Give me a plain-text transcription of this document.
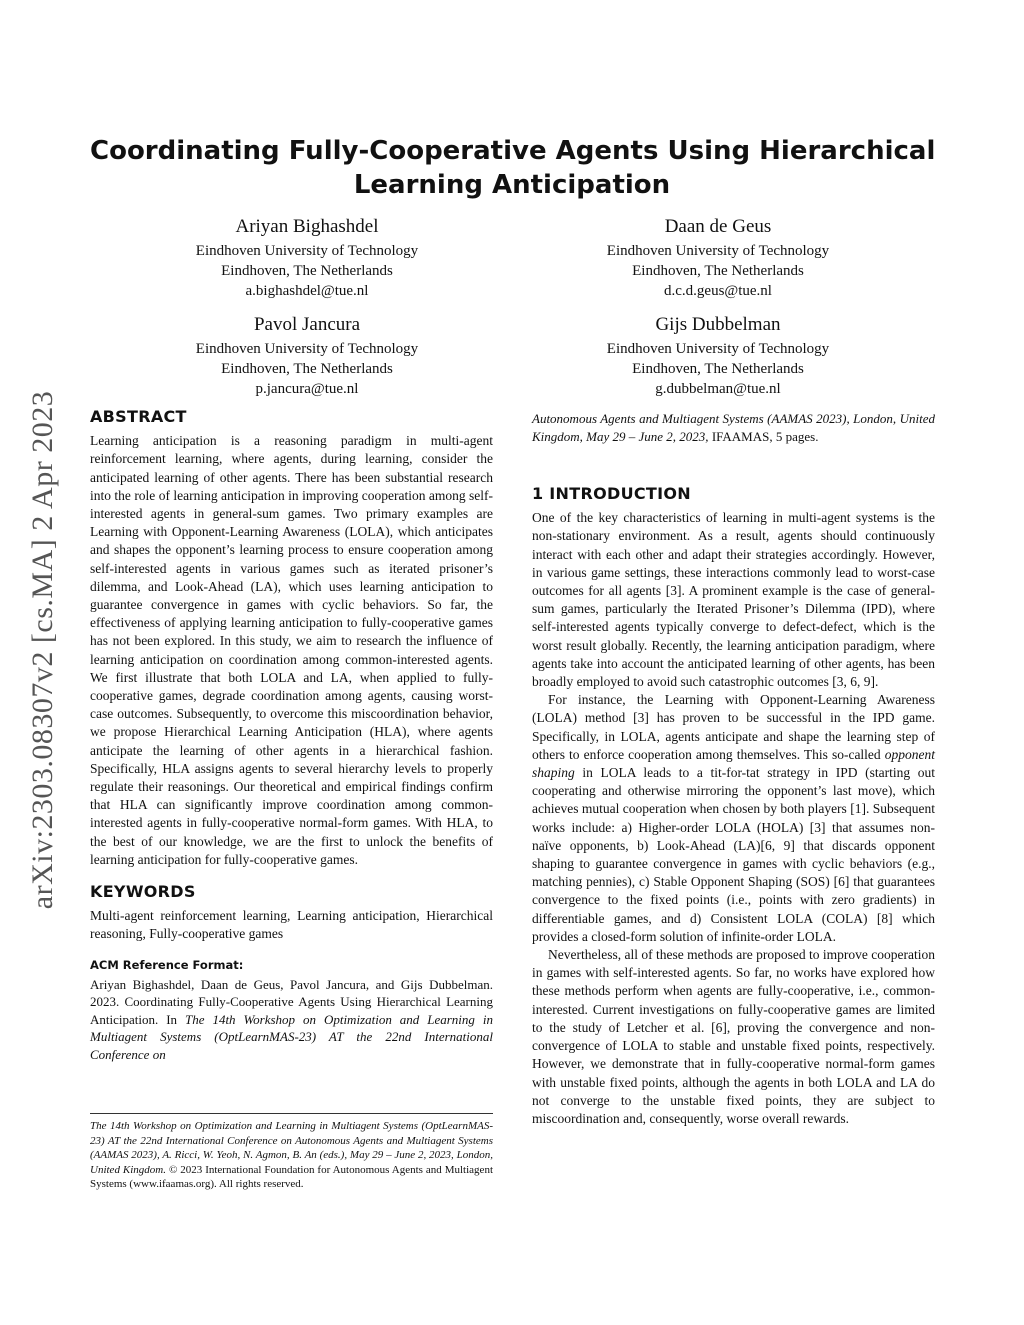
arXiv:2303.08307v2 [cs.MA] 2 Apr 2023
Coordinating Fully-Cooperative Agents Using Hierarchical
Learning Anticipation
Ariyan Bighashdel
Eindhoven University of Technology
Eindhoven, The Netherlands
a.bighashdel@tue.nl
Daan de Geus
Eindhoven University of Technology
Eindhoven, The Netherlands
d.c.d.geus@tue.nl
Pavol Jancura
Eindhoven University of Technology
Eindhoven, The Netherlands
p.jancura@tue.nl
Gijs Dubbelman
Eindhoven University of Technology
Eindhoven, The Netherlands
g.dubbelman@tue.nl
ABSTRACT

Learning anticipation is a reasoning paradigm in multi-agent reinforcement learning, where agents, during learning, consider the anticipated learning of other agents. There has been substantial research into the role of learning anticipation in improving cooperation among self-interested agents in general-sum games. Two primary examples are Learning with Opponent-Learning Awareness (LOLA), which anticipates and shapes the opponent’s learning process to ensure cooperation among self-interested agents in various games such as iterated prisoner’s dilemma, and Look-Ahead (LA), which uses learning anticipation to guarantee convergence in games with cyclic behaviors. So far, the effectiveness of applying learning anticipation to fully-cooperative games has not been explored. In this study, we aim to research the influence of learning anticipation on coordination among common-interested agents. We first illustrate that both LOLA and LA, when applied to fully-cooperative games, degrade coordination among agents, causing worst-case outcomes. Subsequently, to overcome this miscoordination behavior, we propose Hierarchical Learning Anticipation (HLA), where agents anticipate the learning of other agents in a hierarchical fashion. Specifically, HLA assigns agents to several hierarchy levels to properly regulate their reasonings. Our theoretical and empirical findings confirm that HLA can significantly improve coordination among common-interested agents in fully-cooperative normal-form games. With HLA, to the best of our knowledge, we are the first to unlock the benefits of learning anticipation for fully-cooperative games.

KEYWORDS

Multi-agent reinforcement learning, Learning anticipation, Hierarchical reasoning, Fully-cooperative games

ACM Reference Format:

Ariyan Bighashdel, Daan de Geus, Pavol Jancura, and Gijs Dubbelman. 2023. Coordinating Fully-Cooperative Agents Using Hierarchical Learning Anticipation. In The 14th Workshop on Optimization and Learning in Multiagent Systems (OptLearnMAS-23) AT the 22nd International Conference on

The 14th Workshop on Optimization and Learning in Multiagent Systems (OptLearnMAS-23) AT the 22nd International Conference on Autonomous Agents and Multiagent Systems (AAMAS 2023), A. Ricci, W. Yeoh, N. Agmon, B. An (eds.), May 29 – June 2, 2023, London, United Kingdom. © 2023 International Foundation for Autonomous Agents and Multiagent Systems (www.ifaamas.org). All rights reserved.

Autonomous Agents and Multiagent Systems (AAMAS 2023), London, United Kingdom, May 29 – June 2, 2023, IFAAMAS, 5 pages.

1 INTRODUCTION

One of the key characteristics of learning in multi-agent systems is the non-stationary environment. As a result, agents should continuously interact with each other and adapt their strategies accordingly. However, in various game settings, these interactions commonly lead to worst-case outcomes for all agents [3]. A prominent example is the case of general-sum games, particularly the Iterated Prisoner’s Dilemma (IPD), where self-interested agents typically converge to defect-defect, which is the worst result globally. Recently, the learning anticipation paradigm, where agents take into account the anticipated learning of other agents, has been broadly employed to avoid such catastrophic outcomes [3, 6, 9].

For instance, the Learning with Opponent-Learning Awareness (LOLA) method [3] has proven to be successful in the IPD game. Specifically, in LOLA, agents anticipate and shape the learning step of others to enforce cooperation among themselves. This so-called opponent shaping in LOLA leads to a tit-for-tat strategy in IPD (starting out cooperating and otherwise mirroring the opponent’s last move), which achieves mutual cooperation when chosen by both players [1]. Subsequent works include: a) Higher-order LOLA (HOLA) [3] that assumes non-naïve opponents, b) Look-Ahead (LA)[6, 9] that discards opponent shaping to guarantee convergence in games with cyclic behaviors (e.g., matching pennies), c) Stable Opponent Shaping (SOS) [6] that guarantees convergence to the fixed points (i.e., points with zero gradients) in differentiable games, and d) Consistent LOLA (COLA) [8] which provides a closed-form solution of infinite-order LOLA.

Nevertheless, all of these methods are proposed to improve cooperation in games with self-interested agents. So far, no works have explored how these methods perform when agents are fully-cooperative, i.e., common-interested. Current investigations on fully-cooperative games are limited to the study of Letcher et al. [6], proving the convergence and non-convergence of LOLA to stable and unstable fixed points, respectively. However, we demonstrate that in fully-cooperative normal-form games with unstable fixed points, although the agents in both LOLA and LA do not converge to the unstable fixed points, they are subject to miscoordination and, consequently, worse overall rewards.
